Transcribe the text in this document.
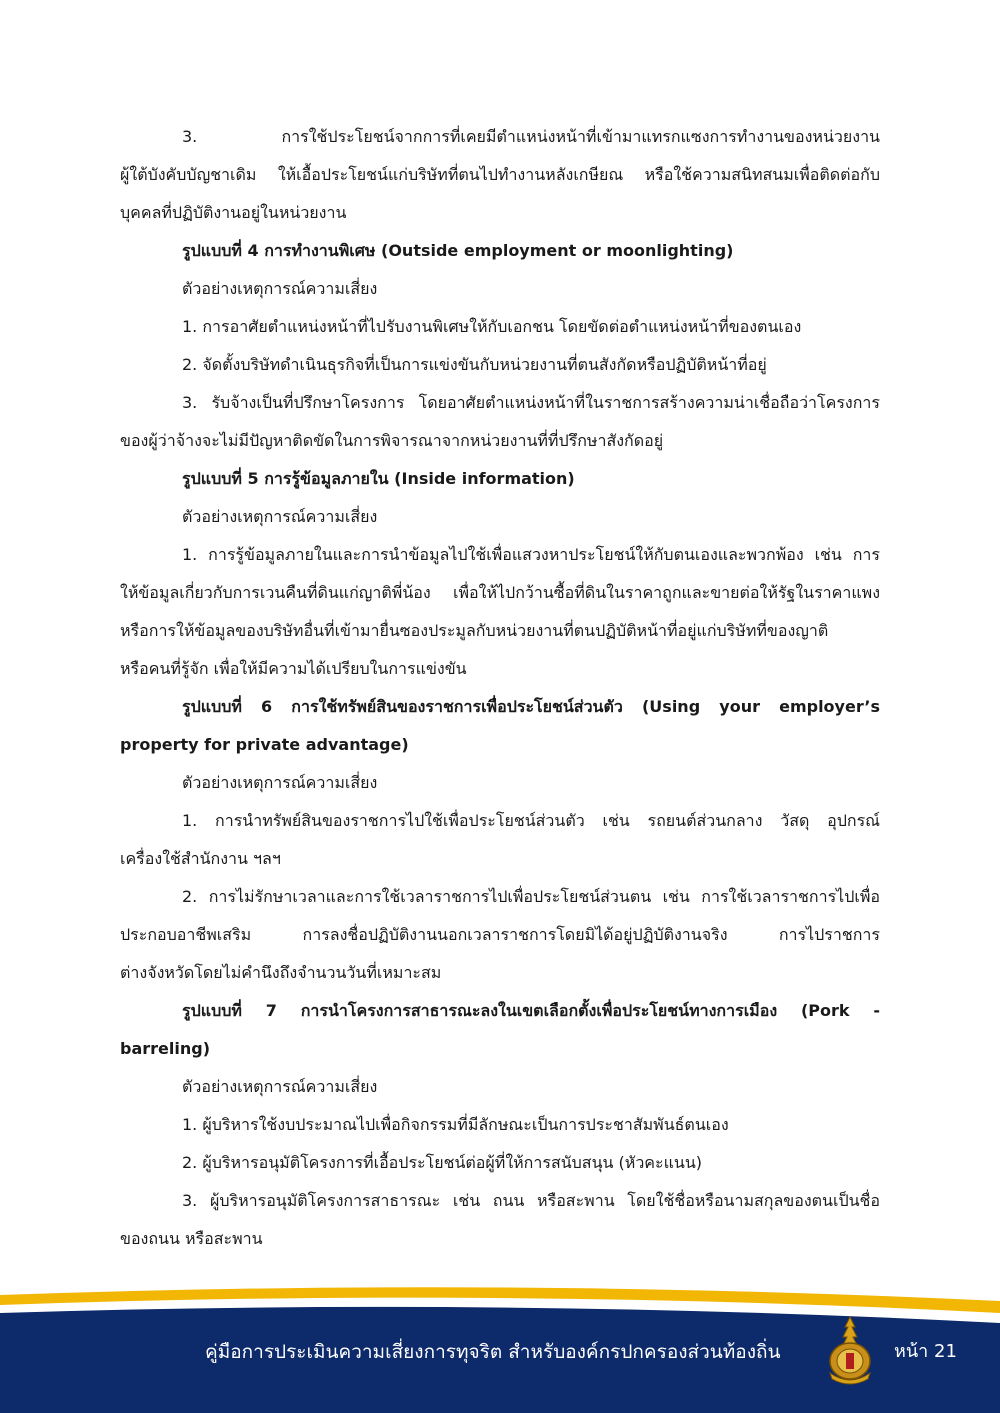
3. การใช้ประโยชน์จากการที่เคยมีตำแหน่งหน้าที่เข้ามาแทรกแซงการทำงานของหน่วยงาน
ผู้ใต้บังคับบัญชาเดิม ให้เอื้อประโยชน์แก่บริษัทที่ตนไปทำงานหลังเกษียณ หรือใช้ความสนิทสนมเพื่อติดต่อกับ
บุคคลที่ปฏิบัติงานอยู่ในหน่วยงาน
รูปแบบที่ 4 การทำงานพิเศษ (Outside employment or moonlighting)
ตัวอย่างเหตุการณ์ความเสี่ยง
1. การอาศัยตำแหน่งหน้าที่ไปรับงานพิเศษให้กับเอกชน โดยขัดต่อตำแหน่งหน้าที่ของตนเอง
2. จัดตั้งบริษัทดำเนินธุรกิจที่เป็นการแข่งขันกับหน่วยงานที่ตนสังกัดหรือปฏิบัติหน้าที่อยู่
3. รับจ้างเป็นที่ปรึกษาโครงการ โดยอาศัยตำแหน่งหน้าที่ในราชการสร้างความน่าเชื่อถือว่าโครงการ
ของผู้ว่าจ้างจะไม่มีปัญหาติดขัดในการพิจารณาจากหน่วยงานที่ที่ปรึกษาสังกัดอยู่
รูปแบบที่ 5 การรู้ข้อมูลภายใน (Inside information)
ตัวอย่างเหตุการณ์ความเสี่ยง
1. การรู้ข้อมูลภายในและการนำข้อมูลไปใช้เพื่อแสวงหาประโยชน์ให้กับตนเองและพวกพ้อง เช่น การ
ให้ข้อมูลเกี่ยวกับการเวนคืนที่ดินแก่ญาติพี่น้อง เพื่อให้ไปกว้านซื้อที่ดินในราคาถูกและขายต่อให้รัฐในราคาแพง
หรือการให้ข้อมูลของบริษัทอื่นที่เข้ามายื่นซองประมูลกับหน่วยงานที่ตนปฏิบัติหน้าที่อยู่แก่บริษัทที่ของญาติ
หรือคนที่รู้จัก เพื่อให้มีความได้เปรียบในการแข่งขัน
รูปแบบที่ 6 การใช้ทรัพย์สินของราชการเพื่อประโยชน์ส่วนตัว (Using your employer’s
property for private advantage)
ตัวอย่างเหตุการณ์ความเสี่ยง
1. การนำทรัพย์สินของราชการไปใช้เพื่อประโยชน์ส่วนตัว เช่น รถยนต์ส่วนกลาง วัสดุ อุปกรณ์
เครื่องใช้สำนักงาน ฯลฯ
2. การไม่รักษาเวลาและการใช้เวลาราชการไปเพื่อประโยชน์ส่วนตน เช่น การใช้เวลาราชการไปเพื่อ
ประกอบอาชีพเสริม การลงชื่อปฏิบัติงานนอกเวลาราชการโดยมิได้อยู่ปฏิบัติงานจริง การไปราชการ
ต่างจังหวัดโดยไม่คำนึงถึงจำนวนวันที่เหมาะสม
รูปแบบที่ 7 การนำโครงการสาธารณะลงในเขตเลือกตั้งเพื่อประโยชน์ทางการเมือง (Pork -
barreling)
ตัวอย่างเหตุการณ์ความเสี่ยง
1. ผู้บริหารใช้งบประมาณไปเพื่อกิจกรรมที่มีลักษณะเป็นการประชาสัมพันธ์ตนเอง
2. ผู้บริหารอนุมัติโครงการที่เอื้อประโยชน์ต่อผู้ที่ให้การสนับสนุน (หัวคะแนน)
3. ผู้บริหารอนุมัติโครงการสาธารณะ เช่น ถนน หรือสะพาน โดยใช้ชื่อหรือนามสกุลของตนเป็นชื่อ
ของถนน หรือสะพาน
คู่มือการประเมินความเสี่ยงการทุจริต สำหรับองค์กรปกครองส่วนท้องถิ่น	หน้า 21
